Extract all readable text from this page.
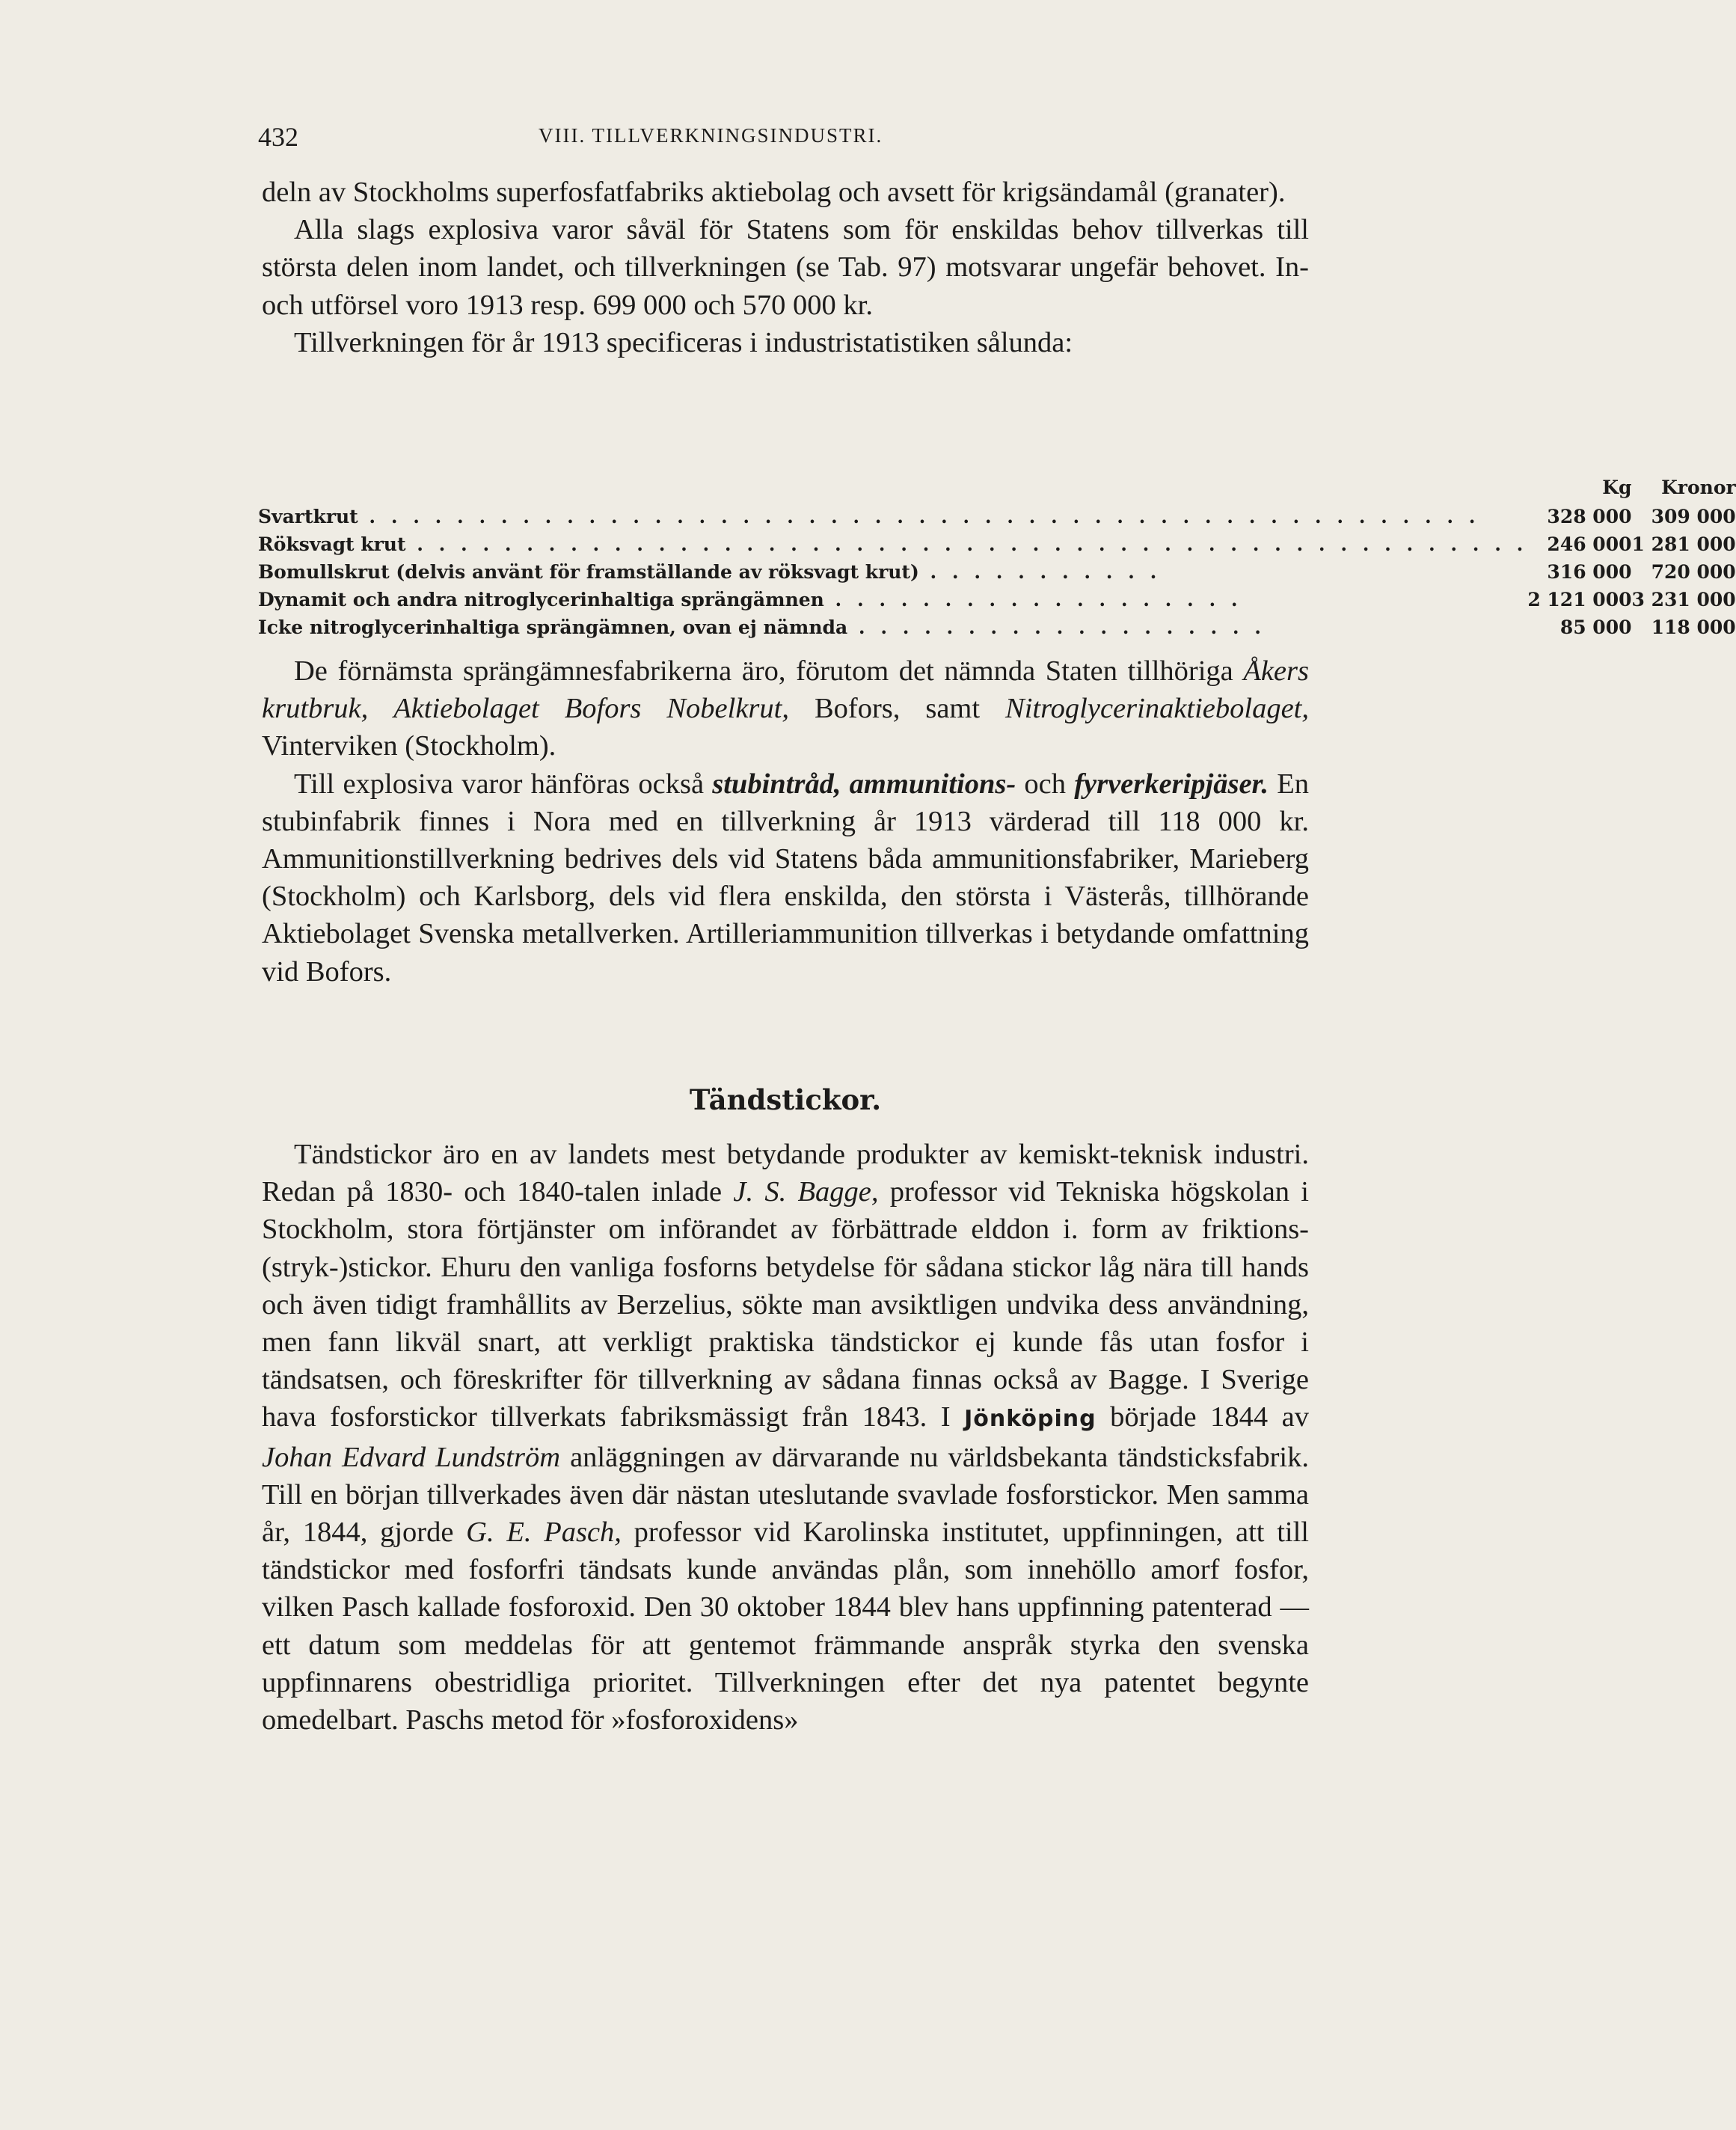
432	VIII. TILLVERKNINGSINDUSTRI.

deln av Stockholms superfosfatfabriks aktiebolag och avsett för krigsändamål (granater).

Alla slags explosiva varor såväl för Statens som för enskildas behov tillverkas till största delen inom landet, och tillverkningen (se Tab. 97) motsvarar ungefär behovet. In- och utförsel voro 1913 resp. 699 000 och 570 000 kr.

Tillverkningen för år 1913 specificeras i industristatistiken sålunda:

	Kg	Kronor
Svartkrut . . . . . . . . . . . . . . . . . . . . . . . . . . . . . . . . . . . . . . . . . . . . . . . . . . .	328 000	309 000
Röksvagt krut . . . . . . . . . . . . . . . . . . . . . . . . . . . . . . . . . . . . . . . . . . . . . . . . . . .	246 000	1 281 000
Bomullskrut (delvis använt för framställande av röksvagt krut) . . . . . . . . . . .	316 000	720 000
Dynamit och andra nitroglycerinhaltiga sprängämnen . . . . . . . . . . . . . . . . . . .	2 121 000	3 231 000
Icke nitroglycerinhaltiga sprängämnen, ovan ej nämnda . . . . . . . . . . . . . . . . . . .	85 000	118 000

De förnämsta sprängämnesfabrikerna äro, förutom det nämnda Staten tillhöriga Åkers krutbruk, Aktiebolaget Bofors Nobelkrut, Bofors, samt Nitroglycerinaktiebolaget, Vinterviken (Stockholm).

Till explosiva varor hänföras också stubintråd, ammunitions- och fyrverkeripjäser. En stubinfabrik finnes i Nora med en tillverkning år 1913 värderad till 118 000 kr. Ammunitionstillverkning bedrives dels vid Statens båda ammunitionsfabriker, Marieberg (Stockholm) och Karlsborg, dels vid flera enskilda, den största i Västerås, tillhörande Aktiebolaget Svenska metallverken. Artilleriammunition tillverkas i betydande omfattning vid Bofors.

Tändstickor.

Tändstickor äro en av landets mest betydande produkter av kemiskt-teknisk industri. Redan på 1830- och 1840-talen inlade J. S. Bagge, professor vid Tekniska högskolan i Stockholm, stora förtjänster om införandet av förbättrade elddon i. form av friktions-(stryk-)stickor. Ehuru den vanliga fosforns betydelse för sådana stickor låg nära till hands och även tidigt framhållits av Berzelius, sökte man avsiktligen undvika dess användning, men fann likväl snart, att verkligt praktiska tändstickor ej kunde fås utan fosfor i tändsatsen, och föreskrifter för tillverkning av sådana finnas också av Bagge. I Sverige hava fosforstickor tillverkats fabriksmässigt från 1843. I Jönköping började 1844 av Johan Edvard Lundström anläggningen av därvarande nu världsbekanta tändsticksfabrik. Till en början tillverkades även där nästan uteslutande svavlade fosforstickor. Men samma år, 1844, gjorde G. E. Pasch, professor vid Karolinska institutet, uppfinningen, att till tändstickor med fosforfri tändsats kunde användas plån, som innehöllo amorf fosfor, vilken Pasch kallade fosforoxid. Den 30 oktober 1844 blev hans uppfinning patenterad — ett datum som meddelas för att gentemot främmande anspråk styrka den svenska uppfinnarens obestridliga prioritet. Tillverkningen efter det nya patentet begynte omedelbart. Paschs metod för »fosforoxidens»
